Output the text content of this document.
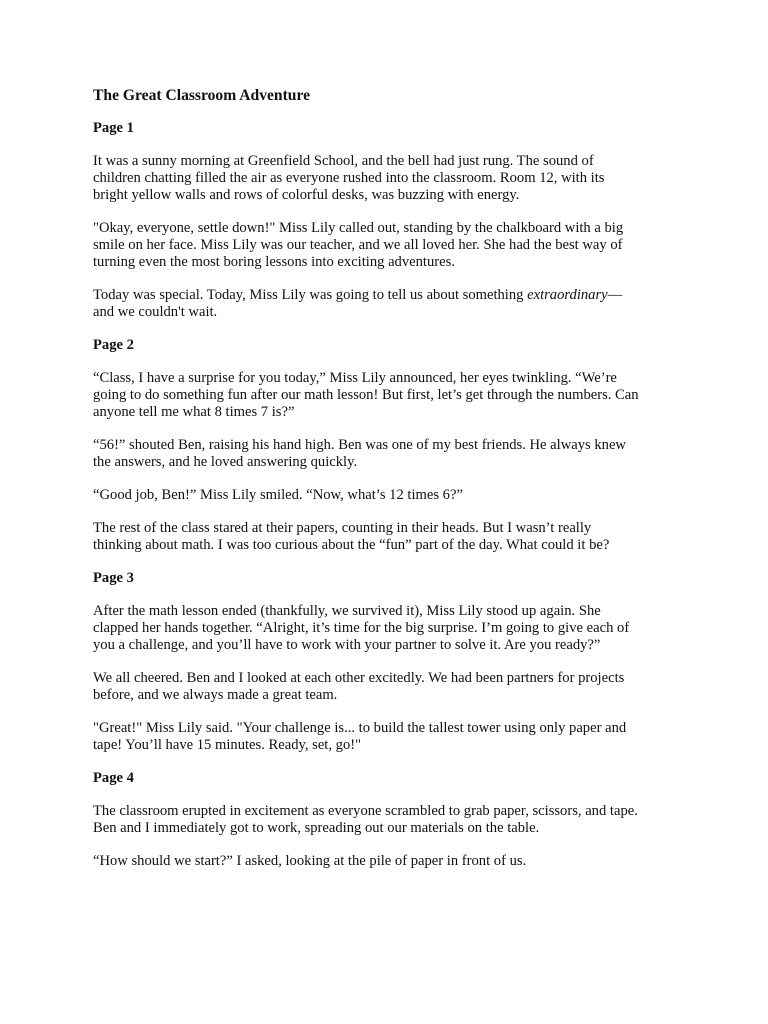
The Great Classroom Adventure
Page 1
It was a sunny morning at Greenfield School, and the bell had just rung. The sound of
children chatting filled the air as everyone rushed into the classroom. Room 12, with its
bright yellow walls and rows of colorful desks, was buzzing with energy.
"Okay, everyone, settle down!" Miss Lily called out, standing by the chalkboard with a big
smile on her face. Miss Lily was our teacher, and we all loved her. She had the best way of
turning even the most boring lessons into exciting adventures.
Today was special. Today, Miss Lily was going to tell us about something extraordinary—
and we couldn't wait.
Page 2
“Class, I have a surprise for you today,” Miss Lily announced, her eyes twinkling. “We’re
going to do something fun after our math lesson! But first, let’s get through the numbers. Can
anyone tell me what 8 times 7 is?”
“56!” shouted Ben, raising his hand high. Ben was one of my best friends. He always knew
the answers, and he loved answering quickly.
“Good job, Ben!” Miss Lily smiled. “Now, what’s 12 times 6?”
The rest of the class stared at their papers, counting in their heads. But I wasn’t really
thinking about math. I was too curious about the “fun” part of the day. What could it be?
Page 3
After the math lesson ended (thankfully, we survived it), Miss Lily stood up again. She
clapped her hands together. “Alright, it’s time for the big surprise. I’m going to give each of
you a challenge, and you’ll have to work with your partner to solve it. Are you ready?”
We all cheered. Ben and I looked at each other excitedly. We had been partners for projects
before, and we always made a great team.
"Great!" Miss Lily said. "Your challenge is... to build the tallest tower using only paper and
tape! You’ll have 15 minutes. Ready, set, go!"
Page 4
The classroom erupted in excitement as everyone scrambled to grab paper, scissors, and tape.
Ben and I immediately got to work, spreading out our materials on the table.
“How should we start?” I asked, looking at the pile of paper in front of us.
